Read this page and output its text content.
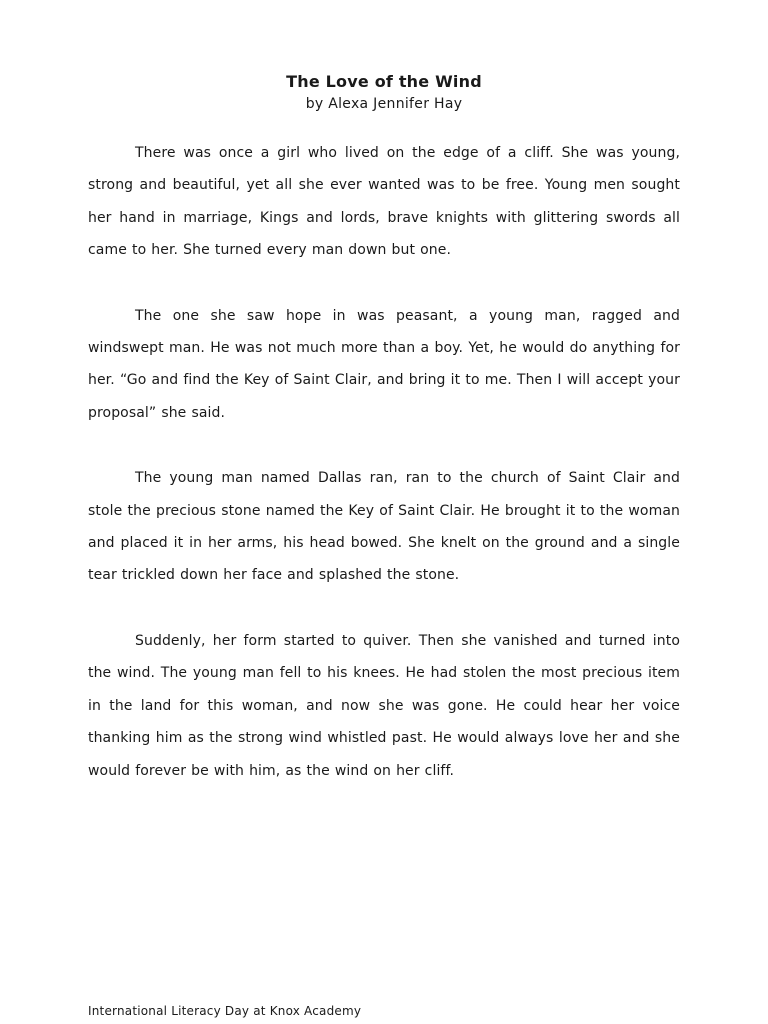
The Love of the Wind
by Alexa Jennifer Hay

There was once a girl who lived on the edge of a cliff. She was young, strong and beautiful, yet all she ever wanted was to be free. Young men sought her hand in marriage, Kings and lords, brave knights with glittering swords all came to her. She turned every man down but one.

The one she saw hope in was peasant, a young man, ragged and windswept man. He was not much more than a boy. Yet, he would do anything for her. “Go and find the Key of Saint Clair, and bring it to me. Then I will accept your proposal” she said.

The young man named Dallas ran, ran to the church of Saint Clair and stole the precious stone named the Key of Saint Clair. He brought it to the woman and placed it in her arms, his head bowed. She knelt on the ground and a single tear trickled down her face and splashed the stone.

Suddenly, her form started to quiver. Then she vanished and turned into the wind. The young man fell to his knees. He had stolen the most precious item in the land for this woman, and now she was gone. He could hear her voice thanking him as the strong wind whistled past. He would always love her and she would forever be with him, as the wind on her cliff.

International Literacy Day at Knox Academy
